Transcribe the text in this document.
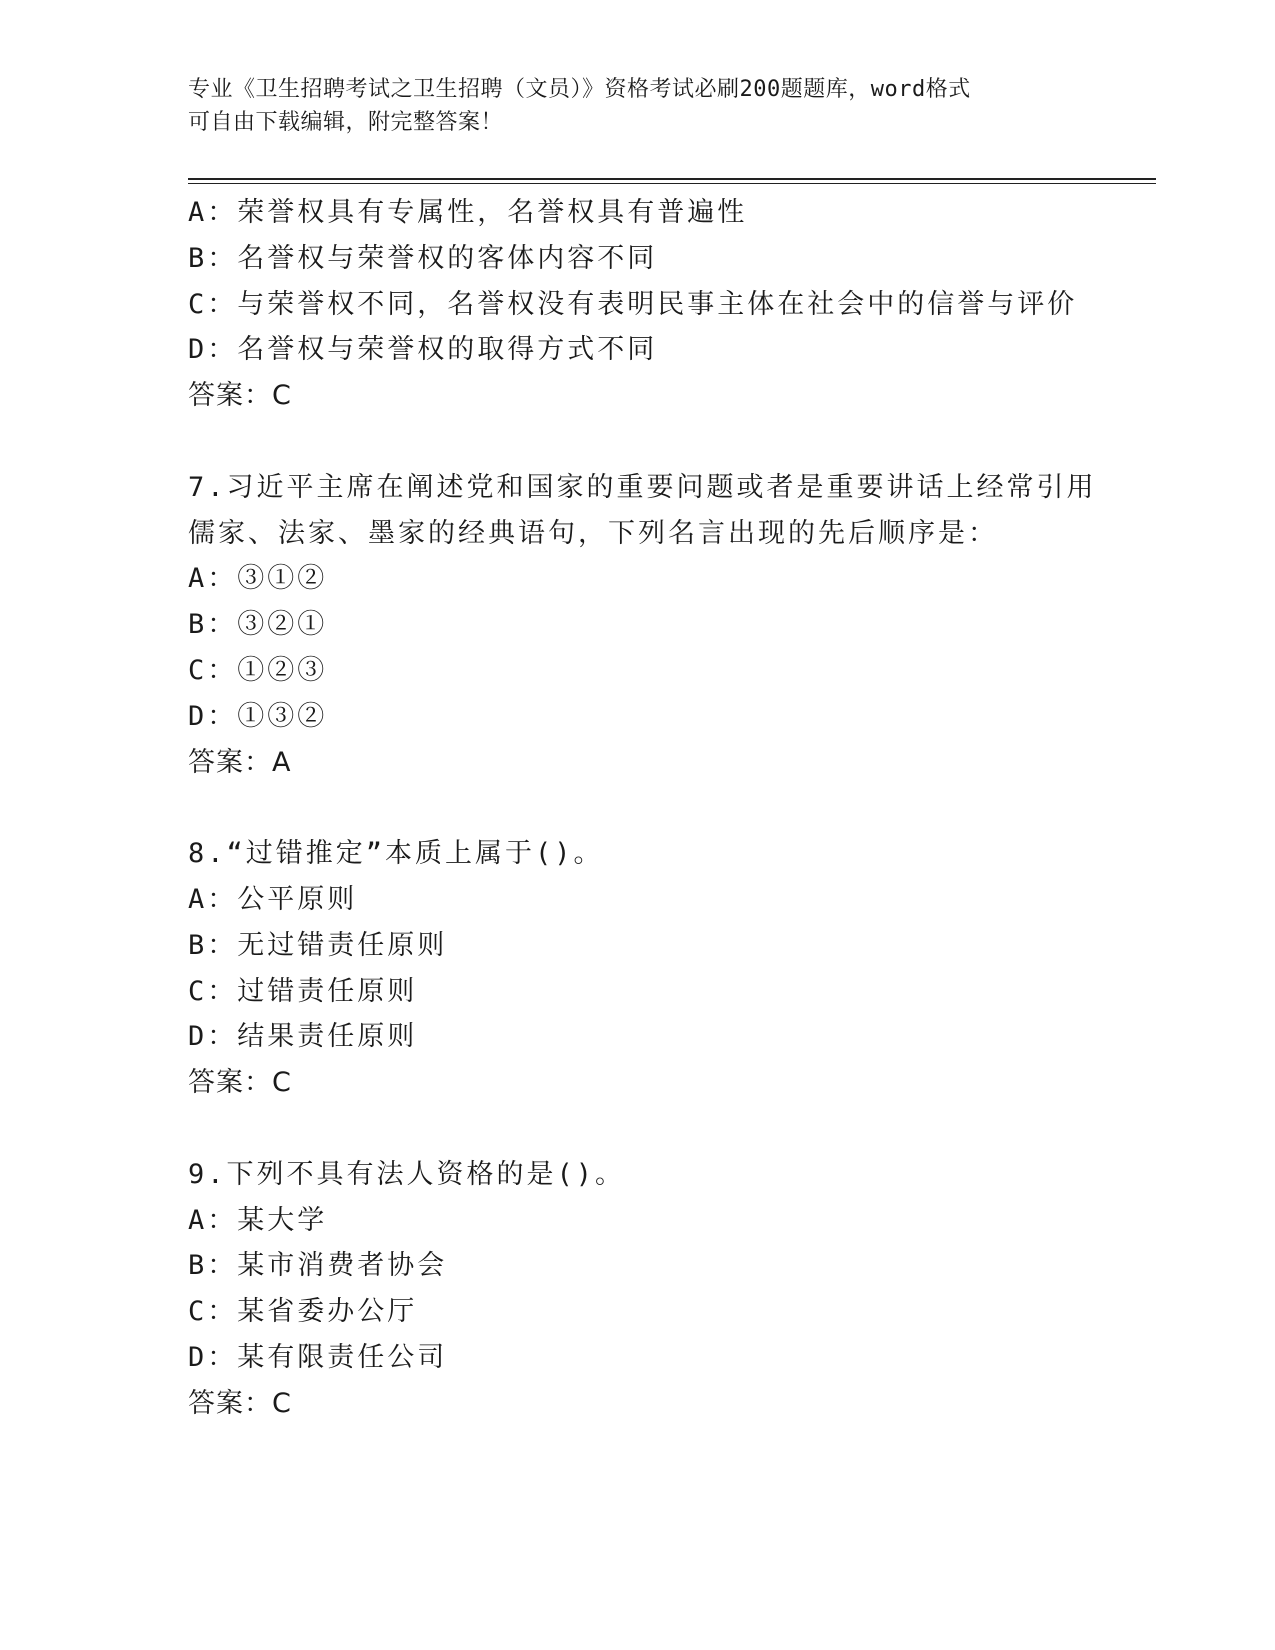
专业《卫生招聘考试之卫生招聘（文员）》资格考试必刷200题题库，word格式
可自由下载编辑，附完整答案！
A：荣誉权具有专属性，名誉权具有普遍性
B：名誉权与荣誉权的客体内容不同
C：与荣誉权不同，名誉权没有表明民事主体在社会中的信誉与评价
D：名誉权与荣誉权的取得方式不同
答案：C
7.习近平主席在阐述党和国家的重要问题或者是重要讲话上经常引用
儒家、法家、墨家的经典语句，下列名言出现的先后顺序是：
A：③①②
B：③②①
C：①②③
D：①③②
答案：A
8.“过错推定”本质上属于()。
A：公平原则
B：无过错责任原则
C：过错责任原则
D：结果责任原则
答案：C
9.下列不具有法人资格的是()。
A：某大学
B：某市消费者协会
C：某省委办公厅
D：某有限责任公司
答案：C
